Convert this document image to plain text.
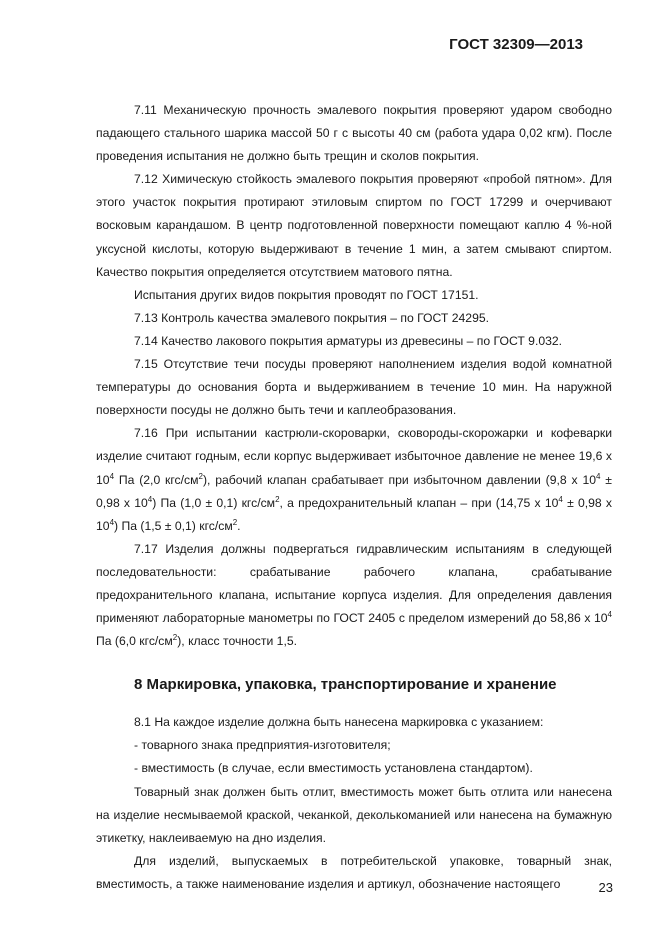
ГОСТ 32309—2013

7.11 Механическую прочность эмалевого покрытия проверяют ударом свободно падающего стального шарика массой 50 г с высоты 40 см (работа удара 0,02 кгм). После проведения испытания не должно быть трещин и сколов покрытия.

7.12 Химическую стойкость эмалевого покрытия проверяют «пробой пятном». Для этого участок покрытия протирают этиловым спиртом по ГОСТ 17299 и очерчивают восковым карандашом. В центр подготовленной поверхности помещают каплю 4 %-ной уксусной кислоты, которую выдерживают в течение 1 мин, а затем смывают спиртом. Качество покрытия определяется отсутствием матового пятна.

Испытания других видов покрытия проводят по ГОСТ 17151.

7.13 Контроль качества эмалевого покрытия – по ГОСТ 24295.

7.14 Качество лакового покрытия арматуры из древесины – по ГОСТ 9.032.

7.15 Отсутствие течи посуды проверяют наполнением изделия водой комнатной температуры до основания борта и выдерживанием в течение 10 мин. На наружной поверхности посуды не должно быть течи и каплеобразования.

7.16 При испытании кастрюли-скороварки, сковороды-скорожарки и кофеварки изделие считают годным, если корпус выдерживает избыточное давление не менее 19,6 x $10^4$ Па (2,0 кгс/$см^2$), рабочий клапан срабатывает при избыточном давлении (9,8 x $10^4 \pm 0,98$ x $10^4$) Па (1,0 ± 0,1) кгс/$см^2$, а предохранительный клапан – при (14,75 x $10^4 \pm 0,98$ x $10^4$) Па (1,5 ± 0,1) кгс/$см^2$.

7.17 Изделия должны подвергаться гидравлическим испытаниям в следующей последовательности: срабатывание рабочего клапана, срабатывание предохранительного клапана, испытание корпуса изделия. Для определения давления применяют лабораторные манометры по ГОСТ 2405 с пределом измерений до 58,86 x $10^4$ Па (6,0 кгс/$см^2$), класс точности 1,5.

8 Маркировка, упаковка, транспортирование и хранение

8.1 На каждое изделие должна быть нанесена маркировка с указанием:

- товарного знака предприятия-изготовителя;

- вместимость (в случае, если вместимость установлена стандартом).

Товарный знак должен быть отлит, вместимость может быть отлита или нанесена на изделие несмываемой краской, чеканкой, деколькоманией или нанесена на бумажную этикетку, наклеиваемую на дно изделия.

Для изделий, выпускаемых в потребительской упаковке, товарный знак, вместимость, а также наименование изделия и артикул, обозначение настоящего	23
